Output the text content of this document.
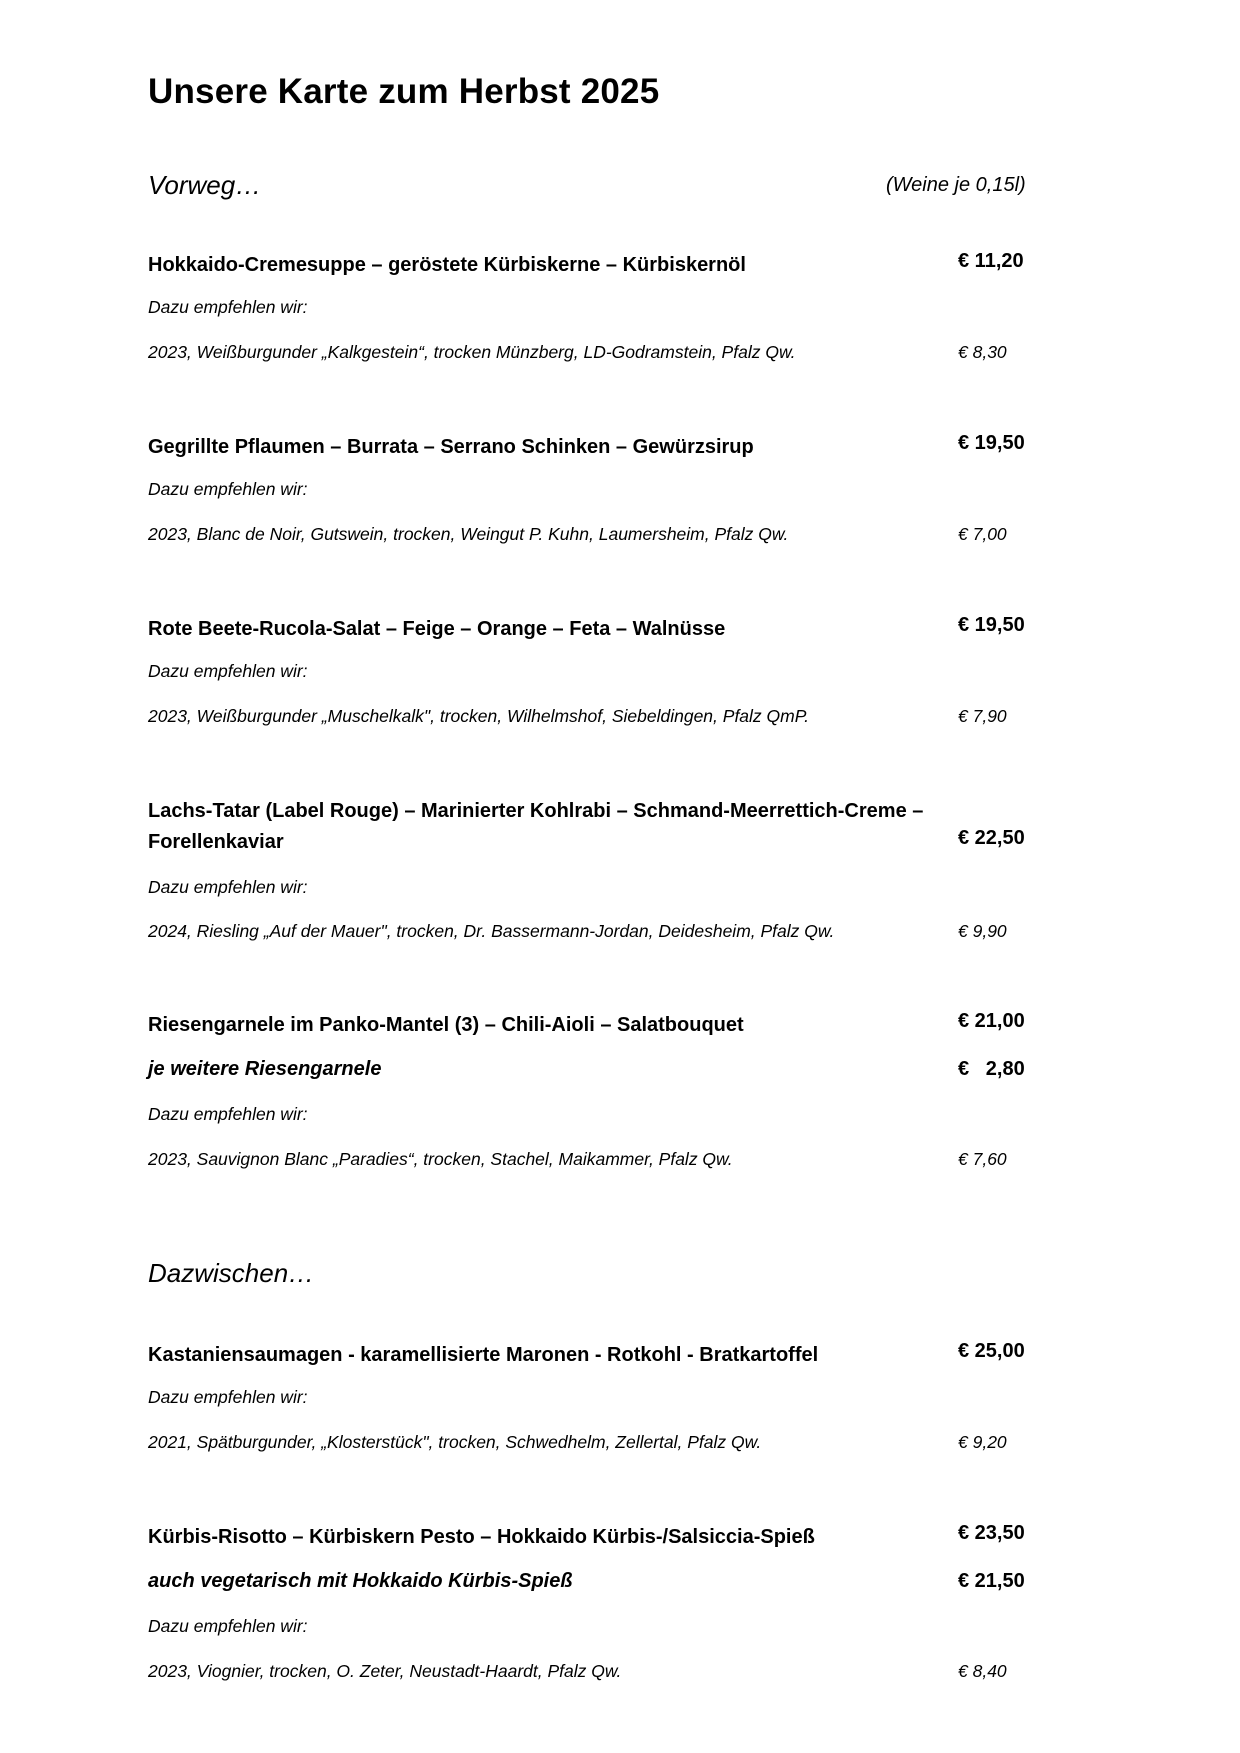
Unsere Karte zum Herbst 2025
Vorweg…	(Weine je 0,15l)
Hokkaido-Cremesuppe – geröstete Kürbiskerne – Kürbiskernöl	€ 11,20
Dazu empfehlen wir:
2023, Weißburgunder „Kalkgestein“, trocken Münzberg, LD-Godramstein, Pfalz Qw.	€ 8,30
Gegrillte Pflaumen – Burrata – Serrano Schinken – Gewürzsirup	€ 19,50
Dazu empfehlen wir:
2023, Blanc de Noir, Gutswein, trocken, Weingut P. Kuhn, Laumersheim, Pfalz Qw.	€ 7,00
Rote Beete-Rucola-Salat – Feige – Orange – Feta – Walnüsse	€ 19,50
Dazu empfehlen wir:
2023, Weißburgunder „Muschelkalk", trocken, Wilhelmshof, Siebeldingen, Pfalz QmP.	€ 7,90
Lachs-Tatar (Label Rouge) – Marinierter Kohlrabi – Schmand-Meerrettich-Creme – Forellenkaviar	€ 22,50
Dazu empfehlen wir:
2024, Riesling „Auf der Mauer", trocken, Dr. Bassermann-Jordan, Deidesheim, Pfalz Qw.	€ 9,90
Riesengarnele im Panko-Mantel (3) – Chili-Aioli – Salatbouquet	€ 21,00
je weitere Riesengarnele	€   2,80
Dazu empfehlen wir:
2023, Sauvignon Blanc „Paradies“, trocken, Stachel, Maikammer, Pfalz Qw.	€ 7,60
Dazwischen…
Kastaniensaumagen - karamellisierte Maronen - Rotkohl - Bratkartoffel	€ 25,00
Dazu empfehlen wir:
2021, Spätburgunder, „Klosterstück", trocken, Schwedhelm, Zellertal, Pfalz Qw.	€ 9,20
Kürbis-Risotto – Kürbiskern Pesto – Hokkaido Kürbis-/Salsiccia-Spieß	€ 23,50
auch vegetarisch mit Hokkaido Kürbis-Spieß	€ 21,50
Dazu empfehlen wir:
2023, Viognier, trocken, O. Zeter, Neustadt-Haardt, Pfalz Qw.	€ 8,40
